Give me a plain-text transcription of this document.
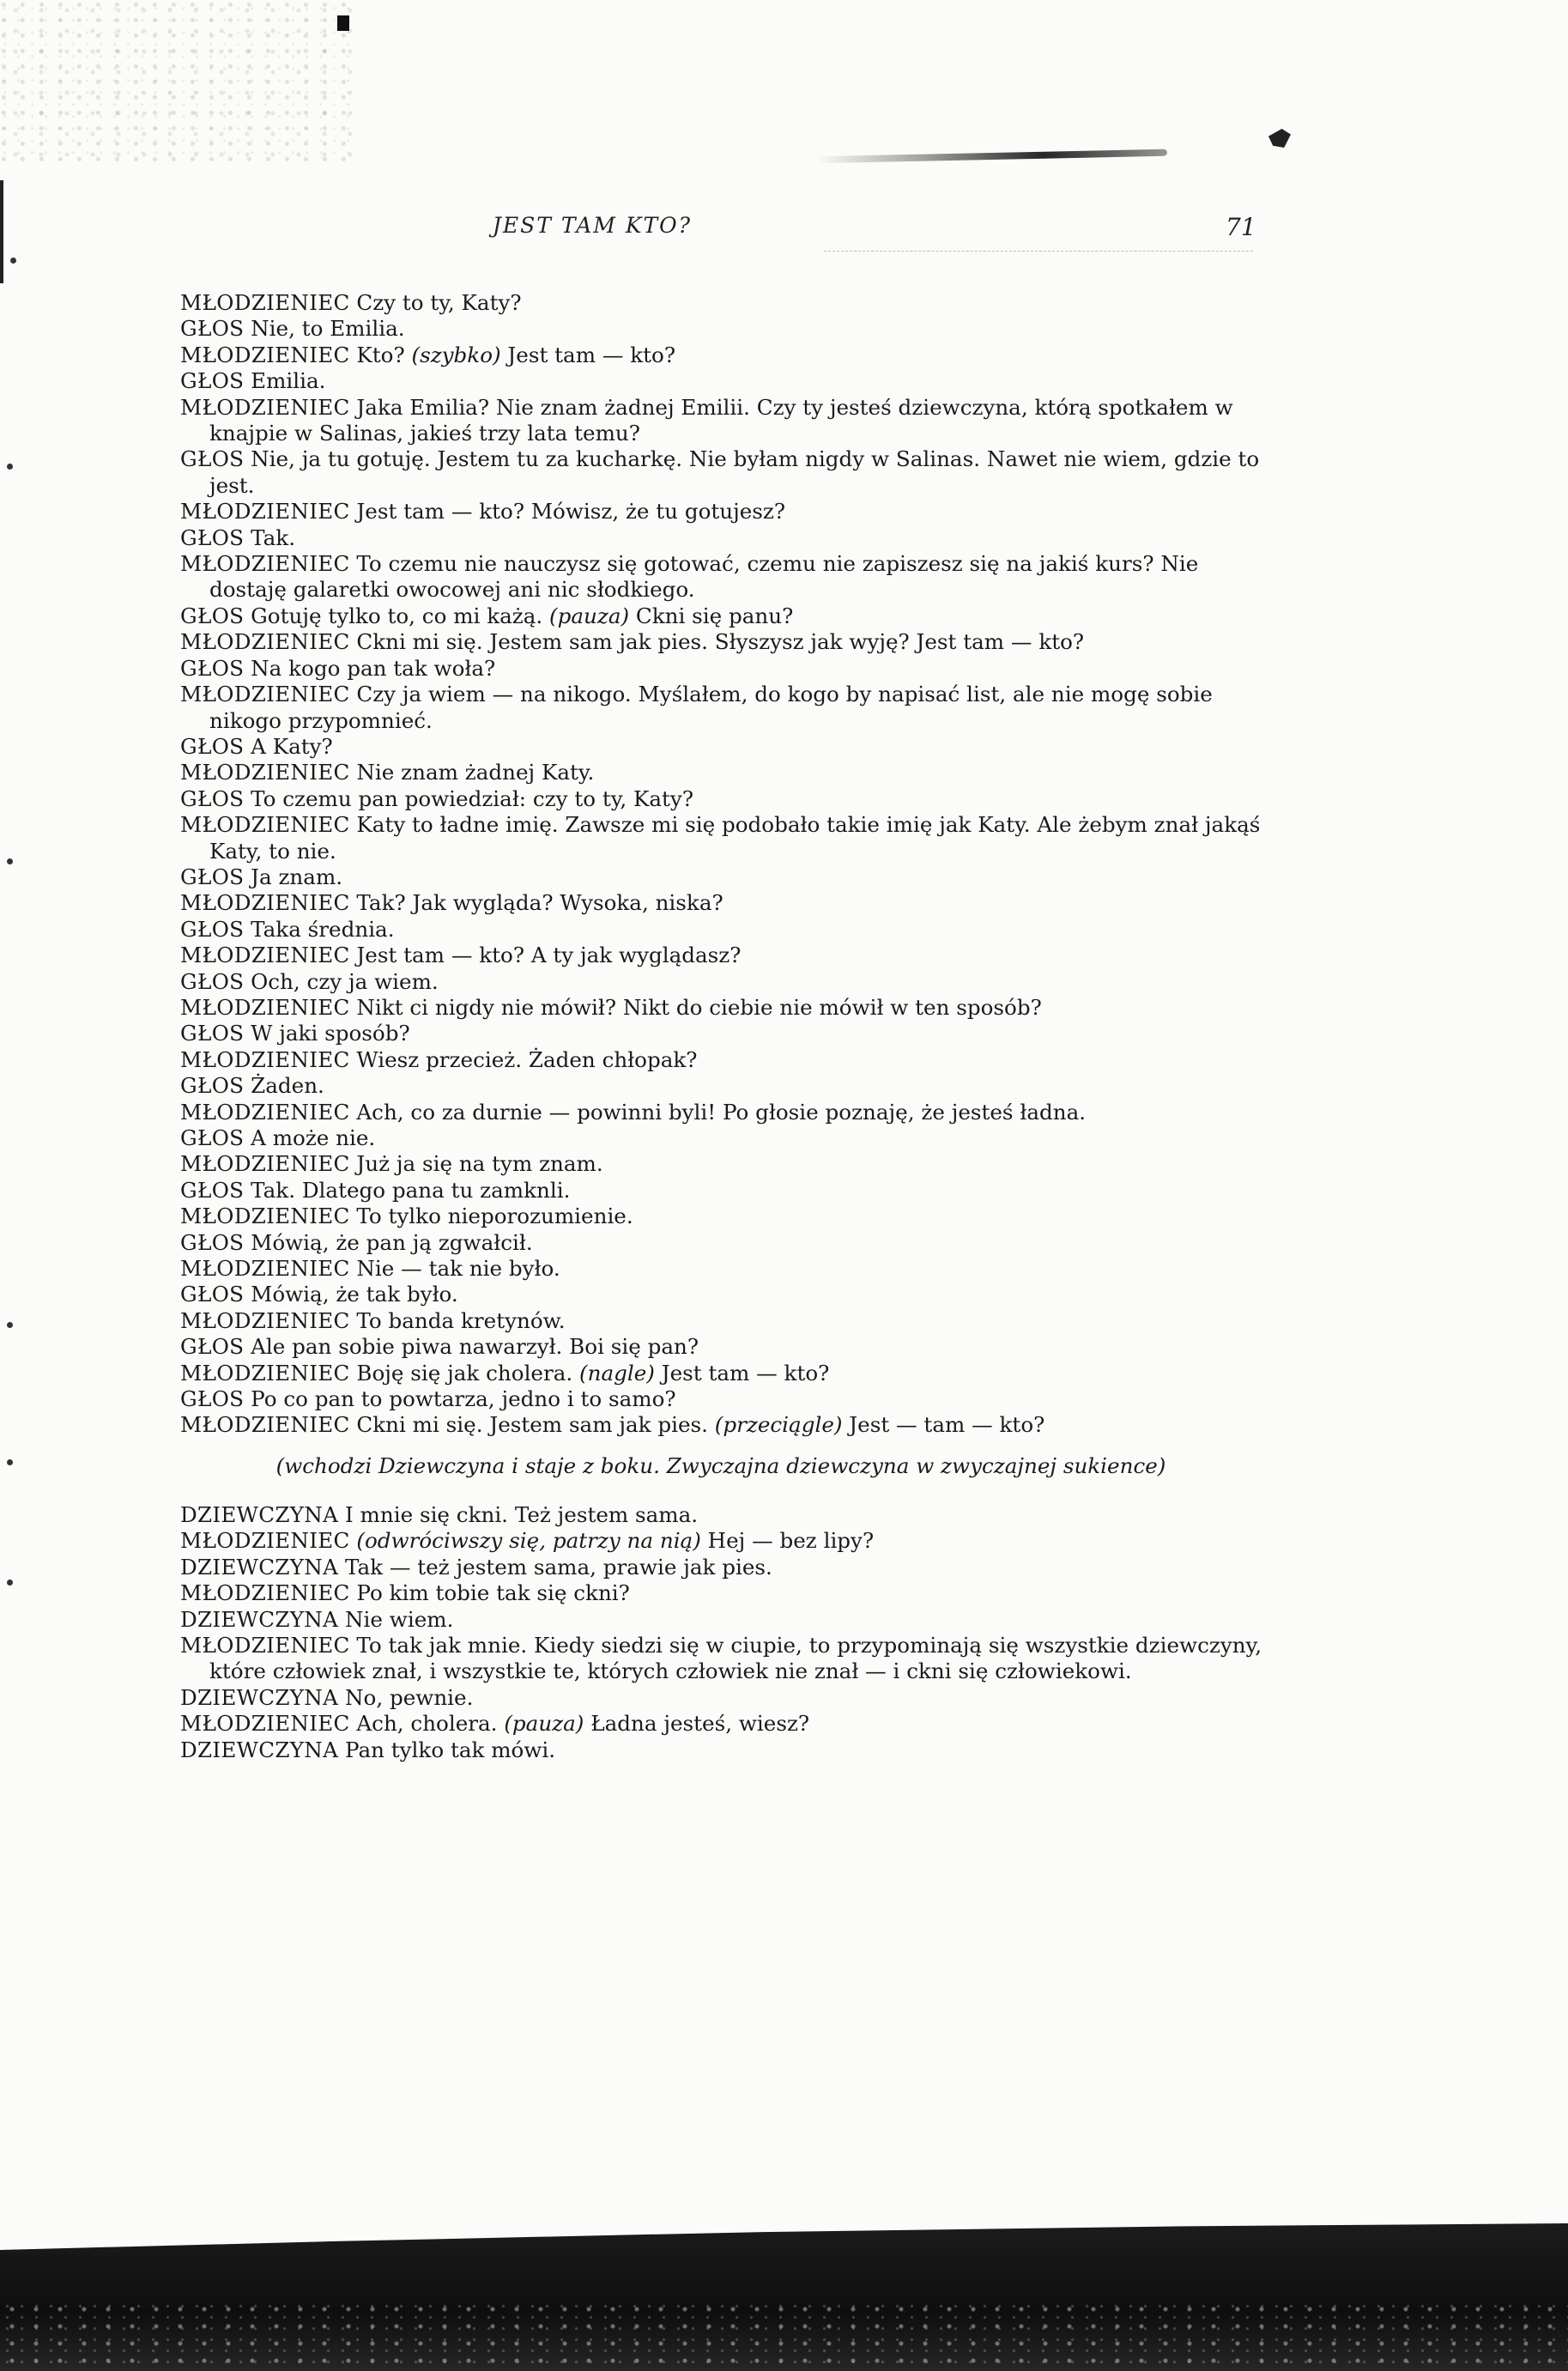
JEST TAM KTO?	71

MŁODZIENIEC Czy to ty, Katy?

GŁOS Nie, to Emilia.

MŁODZIENIEC Kto? (szybko) Jest tam — kto?

GŁOS Emilia.

MŁODZIENIEC Jaka Emilia? Nie znam żadnej Emilii. Czy ty jesteś dziewczyna, którą spotkałem w knajpie w Salinas, jakieś trzy lata temu?

GŁOS Nie, ja tu gotuję. Jestem tu za kucharkę. Nie byłam nigdy w Salinas. Nawet nie wiem, gdzie to jest.

MŁODZIENIEC Jest tam — kto? Mówisz, że tu gotujesz?

GŁOS Tak.

MŁODZIENIEC To czemu nie nauczysz się gotować, czemu nie zapiszesz się na jakiś kurs? Nie dostaję galaretki owocowej ani nic słodkiego.

GŁOS Gotuję tylko to, co mi każą. (pauza) Ckni się panu?

MŁODZIENIEC Ckni mi się. Jestem sam jak pies. Słyszysz jak wyję? Jest tam — kto?

GŁOS Na kogo pan tak woła?

MŁODZIENIEC Czy ja wiem — na nikogo. Myślałem, do kogo by napisać list, ale nie mogę sobie nikogo przypomnieć.

GŁOS A Katy?

MŁODZIENIEC Nie znam żadnej Katy.

GŁOS To czemu pan powiedział: czy to ty, Katy?

MŁODZIENIEC Katy to ładne imię. Zawsze mi się podobało takie imię jak Katy. Ale żebym znał jakąś Katy, to nie.

GŁOS Ja znam.

MŁODZIENIEC Tak? Jak wygląda? Wysoka, niska?

GŁOS Taka średnia.

MŁODZIENIEC Jest tam — kto? A ty jak wyglądasz?

GŁOS Och, czy ja wiem.

MŁODZIENIEC Nikt ci nigdy nie mówił? Nikt do ciebie nie mówił w ten sposób?

GŁOS W jaki sposób?

MŁODZIENIEC Wiesz przecież. Żaden chłopak?

GŁOS Żaden.

MŁODZIENIEC Ach, co za durnie — powinni byli! Po głosie poznaję, że jesteś ładna.

GŁOS A może nie.

MŁODZIENIEC Już ja się na tym znam.

GŁOS Tak. Dlatego pana tu zamknli.

MŁODZIENIEC To tylko nieporozumienie.

GŁOS Mówią, że pan ją zgwałcił.

MŁODZIENIEC Nie — tak nie było.

GŁOS Mówią, że tak było.

MŁODZIENIEC To banda kretynów.

GŁOS Ale pan sobie piwa nawarzył. Boi się pan?

MŁODZIENIEC Boję się jak cholera. (nagle) Jest tam — kto?

GŁOS Po co pan to powtarza, jedno i to samo?

MŁODZIENIEC Ckni mi się. Jestem sam jak pies. (przeciągle) Jest — tam — kto?

(wchodzi Dziewczyna i staje z boku. Zwyczajna dziewczyna w zwyczajnej sukience)

DZIEWCZYNA I mnie się ckni. Też jestem sama.

MŁODZIENIEC (odwróciwszy się, patrzy na nią) Hej — bez lipy?

DZIEWCZYNA Tak — też jestem sama, prawie jak pies.

MŁODZIENIEC Po kim tobie tak się ckni?

DZIEWCZYNA Nie wiem.

MŁODZIENIEC To tak jak mnie. Kiedy siedzi się w ciupie, to przypominają się wszystkie dziewczyny, które człowiek znał, i wszystkie te, których człowiek nie znał — i ckni się człowiekowi.

DZIEWCZYNA No, pewnie.

MŁODZIENIEC Ach, cholera. (pauza) Ładna jesteś, wiesz?

DZIEWCZYNA Pan tylko tak mówi.
